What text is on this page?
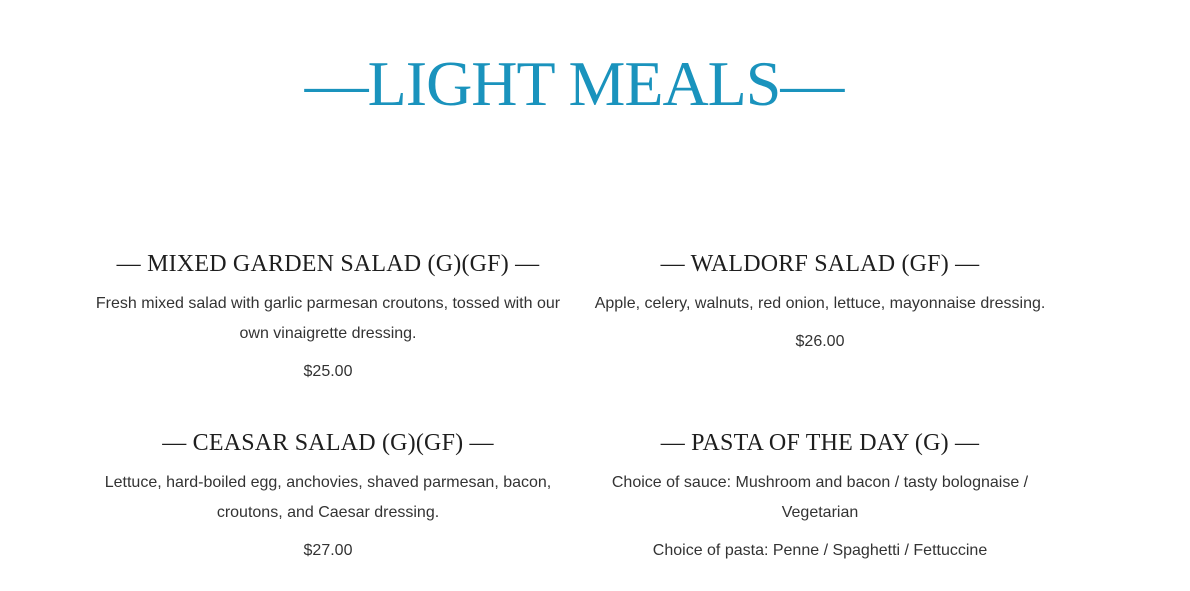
—LIGHT MEALS—
— MIXED GARDEN SALAD (G)(GF) —

Fresh mixed salad with garlic parmesan croutons, tossed with our own vinaigrette dressing.

$25.00

— WALDORF SALAD (GF) —

Apple, celery, walnuts, red onion, lettuce, mayonnaise dressing.

$26.00

— CEASAR SALAD (G)(GF) —

Lettuce, hard-boiled egg, anchovies, shaved parmesan, bacon, croutons, and Caesar dressing.

$27.00

— PASTA OF THE DAY (G) —

Choice of sauce: Mushroom and bacon / tasty bolognaise / Vegetarian

Choice of pasta: Penne / Spaghetti / Fettuccine
